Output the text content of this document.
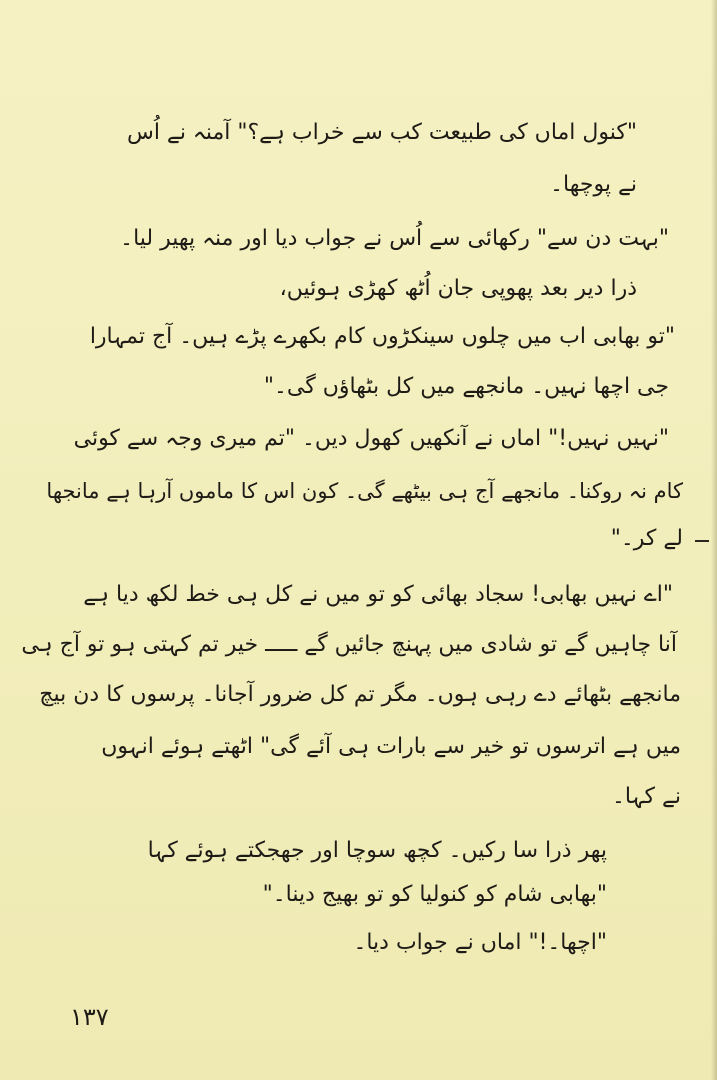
"کنول اماں کی طبیعت کب سے خراب ہے؟" آمنہ نے اُس

نے پوچھا۔

"بہت دن سے" رکھائی سے اُس نے جواب دیا اور منہ پھیر لیا۔

ذرا دیر بعد پھوپی جان اُٹھ کھڑی ہوئیں،

"تو بھابی اب میں چلوں سینکڑوں کام بکھرے پڑے ہیں۔ آج تمہارا

جی اچھا نہیں۔ مانجھے میں کل بٹھاؤں گی۔"

"نہیں نہیں!" اماں نے آنکھیں کھول دیں۔ "تم میری وجہ سے کوئی

کام نہ روکنا۔ مانجھے آج ہی بیٹھے گی۔ کون اس کا ماموں آرہا ہے مانجھا

لے کر۔"

"اے نہیں بھابی! سجاد بھائی کو تو میں نے کل ہی خط لکھ دیا ہے

آنا چاہیں گے تو شادی میں پہنچ جائیں گے ـــــ خیر تم کہتی ہو تو آج ہی

مانجھے بٹھائے دے رہی ہوں۔ مگر تم کل ضرور آجانا۔ پرسوں کا دن بیچ

میں ہے اترسوں تو خیر سے بارات ہی آئے گی" اٹھتے ہوئے انہوں

نے کہا۔

پھر ذرا سا رکیں۔ کچھ سوچا اور جھجکتے ہوئے کہا

"بھابی شام کو کنولیا کو تو بھیج دینا۔"

"اچھا۔!" اماں نے جواب دیا۔

۱۳۷
